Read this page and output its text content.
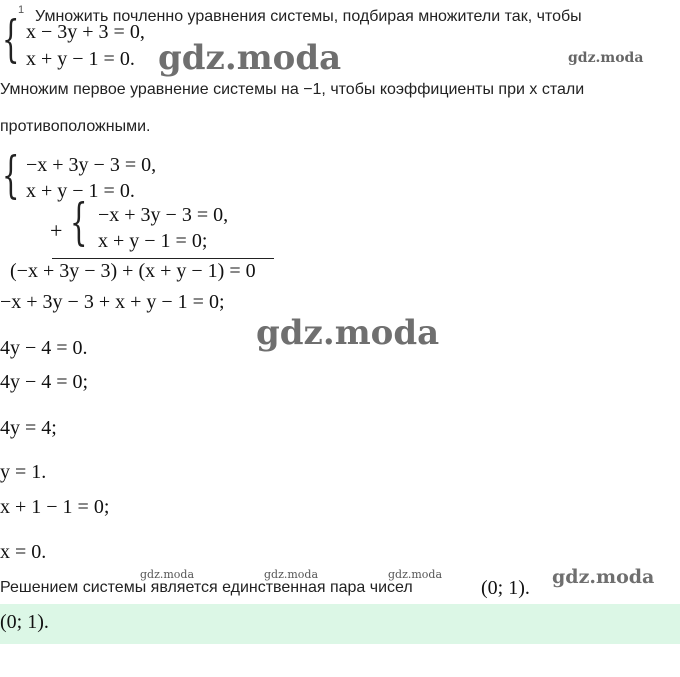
1 Умножить почленно уравнения системы, подбирая множители так, чтобы
{ x − 3y + 3 = 0,
x + y − 1 = 0. gdz.moda	gdz.moda
Умножим первое уравнение системы на −1, чтобы коэффициенты при x стали
противоположными.
{ −x + 3y − 3 = 0,
x + y − 1 = 0.
+ { −x + 3y − 3 = 0,
x + y − 1 = 0;
(−x + 3y − 3) + (x + y − 1) = 0
−x + 3y − 3 + x + y − 1 = 0;
gdz.moda
4y − 4 = 0.
4y − 4 = 0;
4y = 4;
y = 1.
x + 1 − 1 = 0;
x = 0.
gdz.moda	gdz.moda	gdz.moda	gdz.moda
Решением системы является единственная пара чисел	(0; 1).
(0; 1).
